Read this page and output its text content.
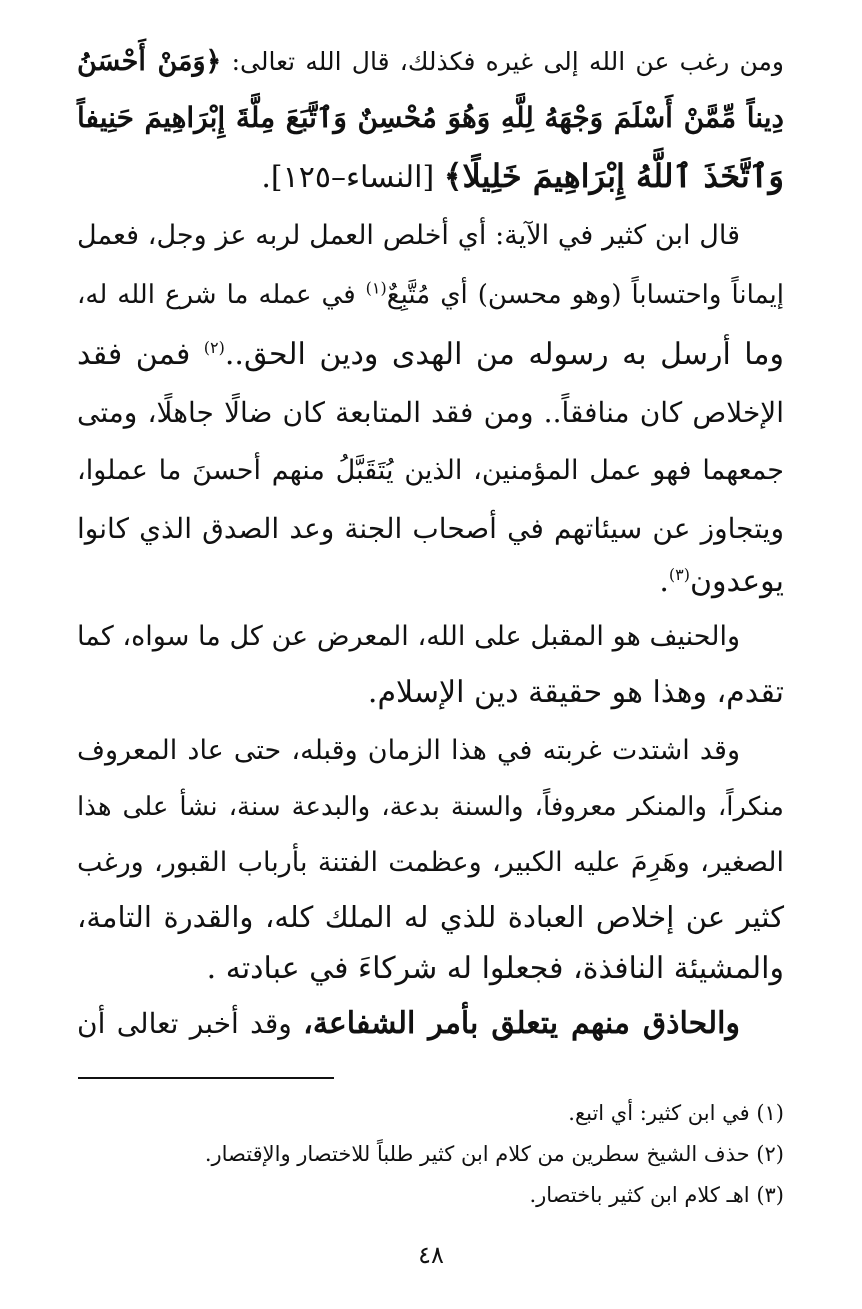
ومن رغب عن الله إلى غيره فكذلك، قال الله تعالى: ﴿وَمَنْ أَحْسَنُ
دِيناً مِّمَّنْ أَسْلَمَ وَجْهَهُ لِلَّهِ وَهُوَ مُحْسِنٌ وَٱتَّبَعَ مِلَّةَ إِبْرَاهِيمَ حَنِيفاً
وَٱتَّخَذَ ٱللَّهُ إِبْرَاهِيمَ خَلِيلًا﴾ [النساء–١٢٥].
قال ابن كثير في الآية: أي أخلص العمل لربه عز وجل، فعمل
إيماناً واحتساباً (وهو محسن) أي مُتَّبِعٌ$^{(١)}$ في عمله ما شرع الله له،
وما أرسل به رسوله من الهدى ودين الحق..$^{(٢)}$ فمن فقد
الإخلاص كان منافقاً.. ومن فقد المتابعة كان ضالًا جاهلًا، ومتى
جمعهما فهو عمل المؤمنين، الذين يُتَقَبَّلُ منهم أحسنَ ما عملوا،
ويتجاوز عن سيئاتهم في أصحاب الجنة وعد الصدق الذي كانوا
يوعدون$^{(٣)}$.
والحنيف هو المقبل على الله، المعرض عن كل ما سواه، كما
تقدم، وهذا هو حقيقة دين الإسلام.
وقد اشتدت غربته في هذا الزمان وقبله، حتى عاد المعروف
منكراً، والمنكر معروفاً، والسنة بدعة، والبدعة سنة، نشأ على هذا
الصغير، وهَرِمَ عليه الكبير، وعظمت الفتنة بأرباب القبور، ورغب
كثير عن إخلاص العبادة للذي له الملك كله، والقدرة التامة،
والمشيئة النافذة، فجعلوا له شركاءَ في عبادته .
والحاذق منهم يتعلق بأمر الشفاعة، وقد أخبر تعالى أن
(١) في ابن كثير: أي اتبع.
(٢) حذف الشيخ سطرين من كلام ابن كثير طلباً للاختصار والإقتصار.
(٣) اهـ كلام ابن كثير باختصار.
٤٨
